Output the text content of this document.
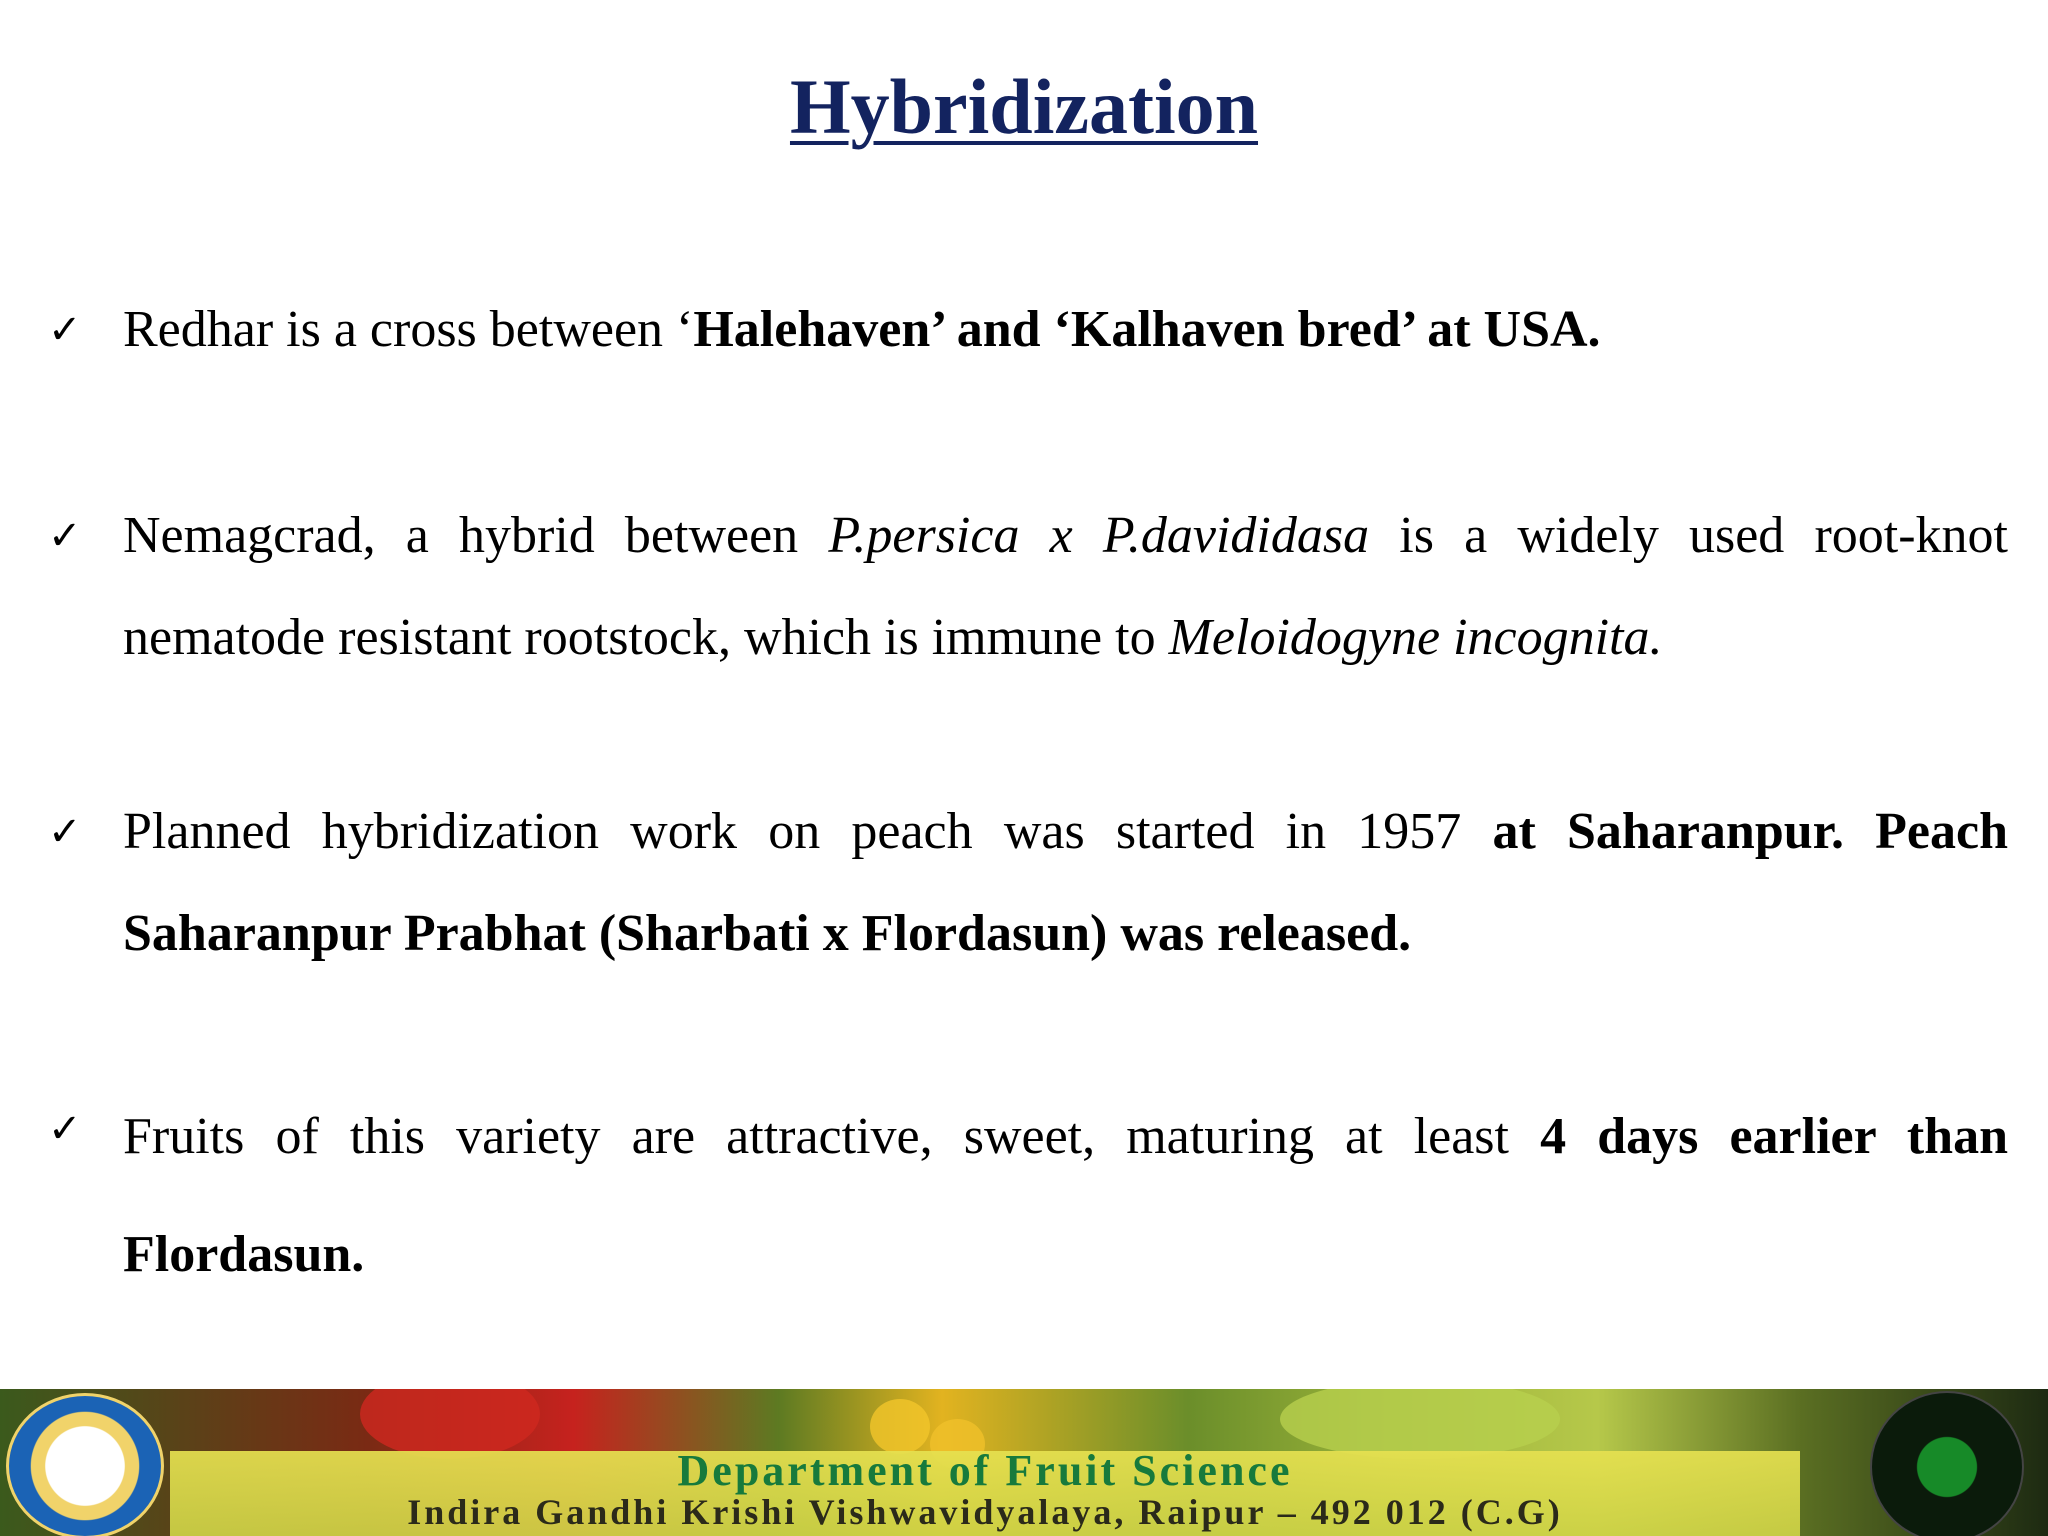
Hybridization
✓ Redhar is a cross between ‘Halehaven’ and ‘Kalhaven bred’ at USA.
✓ Nemagcrad, a hybrid between P.persica x P.davididasa is a widely used root-knot nematode resistant rootstock, which is immune to Meloidogyne incognita.
✓ Planned hybridization work on peach was started in 1957 at Saharanpur. Peach Saharanpur Prabhat (Sharbati x Flordasun) was released.
✓ Fruits of this variety are attractive, sweet, maturing at least 4 days earlier than Flordasun.
Department of Fruit Science
Indira Gandhi Krishi Vishwavidyalaya, Raipur – 492 012 (C.G)
